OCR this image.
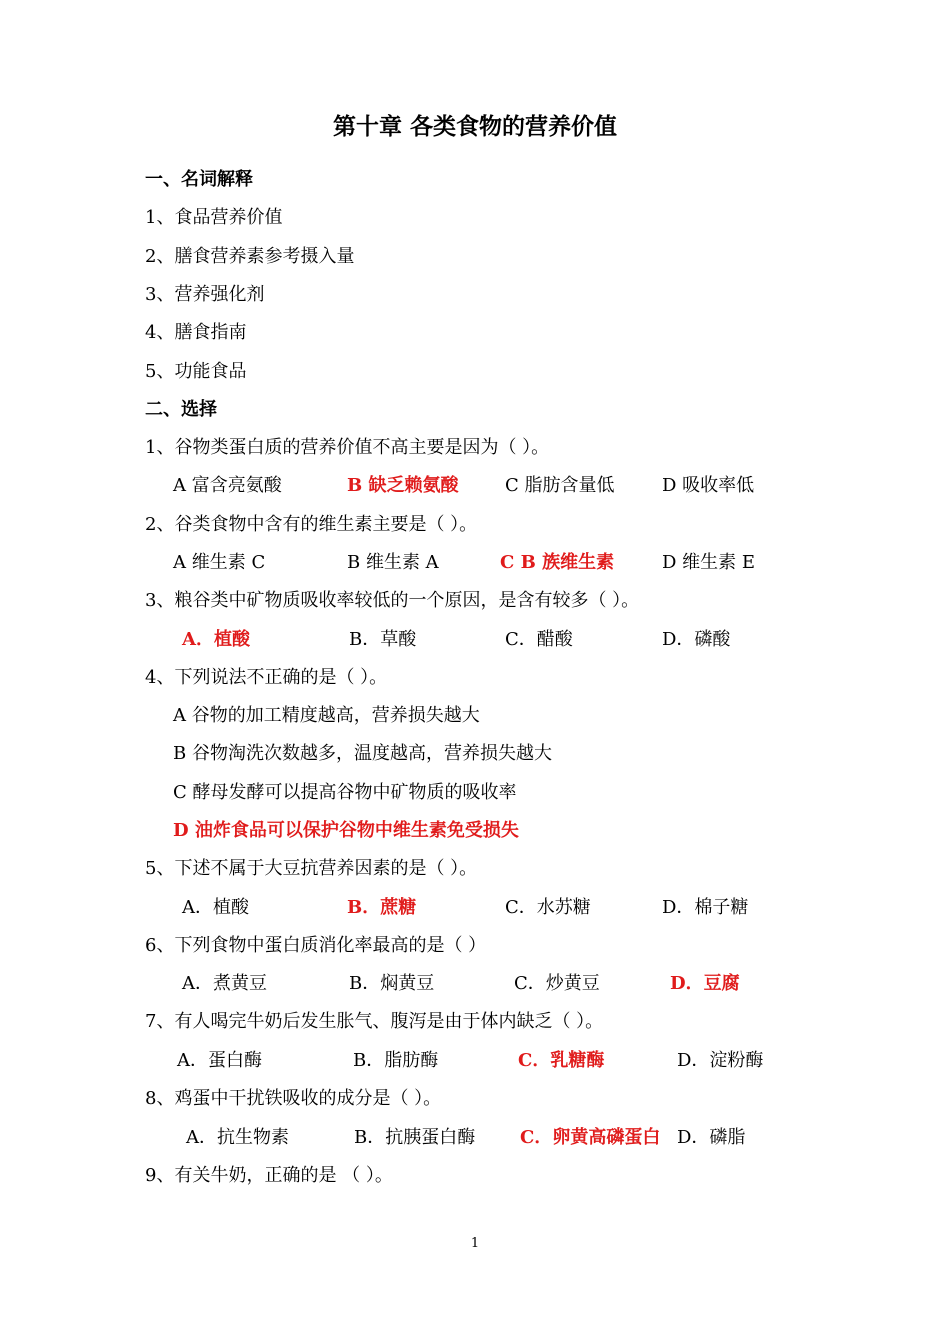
第十章 各类食物的营养价值
一、名词解释
1、食品营养价值
2、膳食营养素参考摄入量
3、营养强化剂
4、膳食指南
5、功能食品
二、选择
1、谷物类蛋白质的营养价值不高主要是因为（ ）。
A 富含亮氨酸	B 缺乏赖氨酸	C 脂肪含量低	D 吸收率低
2、谷类食物中含有的维生素主要是（ ）。
A 维生素 C	B 维生素 A	C B 族维生素	D 维生素 E
3、粮谷类中矿物质吸收率较低的一个原因，是含有较多（ ）。
A．植酸	B．草酸	C．醋酸	D．磷酸
4、下列说法不正确的是（ ）。
A 谷物的加工精度越高，营养损失越大
B 谷物淘洗次数越多，温度越高，营养损失越大
C 酵母发酵可以提高谷物中矿物质的吸收率
D 油炸食品可以保护谷物中维生素免受损失
5、下述不属于大豆抗营养因素的是（ ）。
A．植酸	B．蔗糖	C．水苏糖	D．棉子糖
6、下列食物中蛋白质消化率最高的是（ ）
A．煮黄豆	B．焖黄豆	C．炒黄豆	D．豆腐
7、有人喝完牛奶后发生胀气、腹泻是由于体内缺乏（ ）。
A．蛋白酶	B．脂肪酶	C．乳糖酶	D．淀粉酶
8、鸡蛋中干扰铁吸收的成分是（ ）。
A．抗生物素	B．抗胰蛋白酶 C．卵黄高磷蛋白 D．磷脂
9、有关牛奶，正确的是 （ ）。
1
